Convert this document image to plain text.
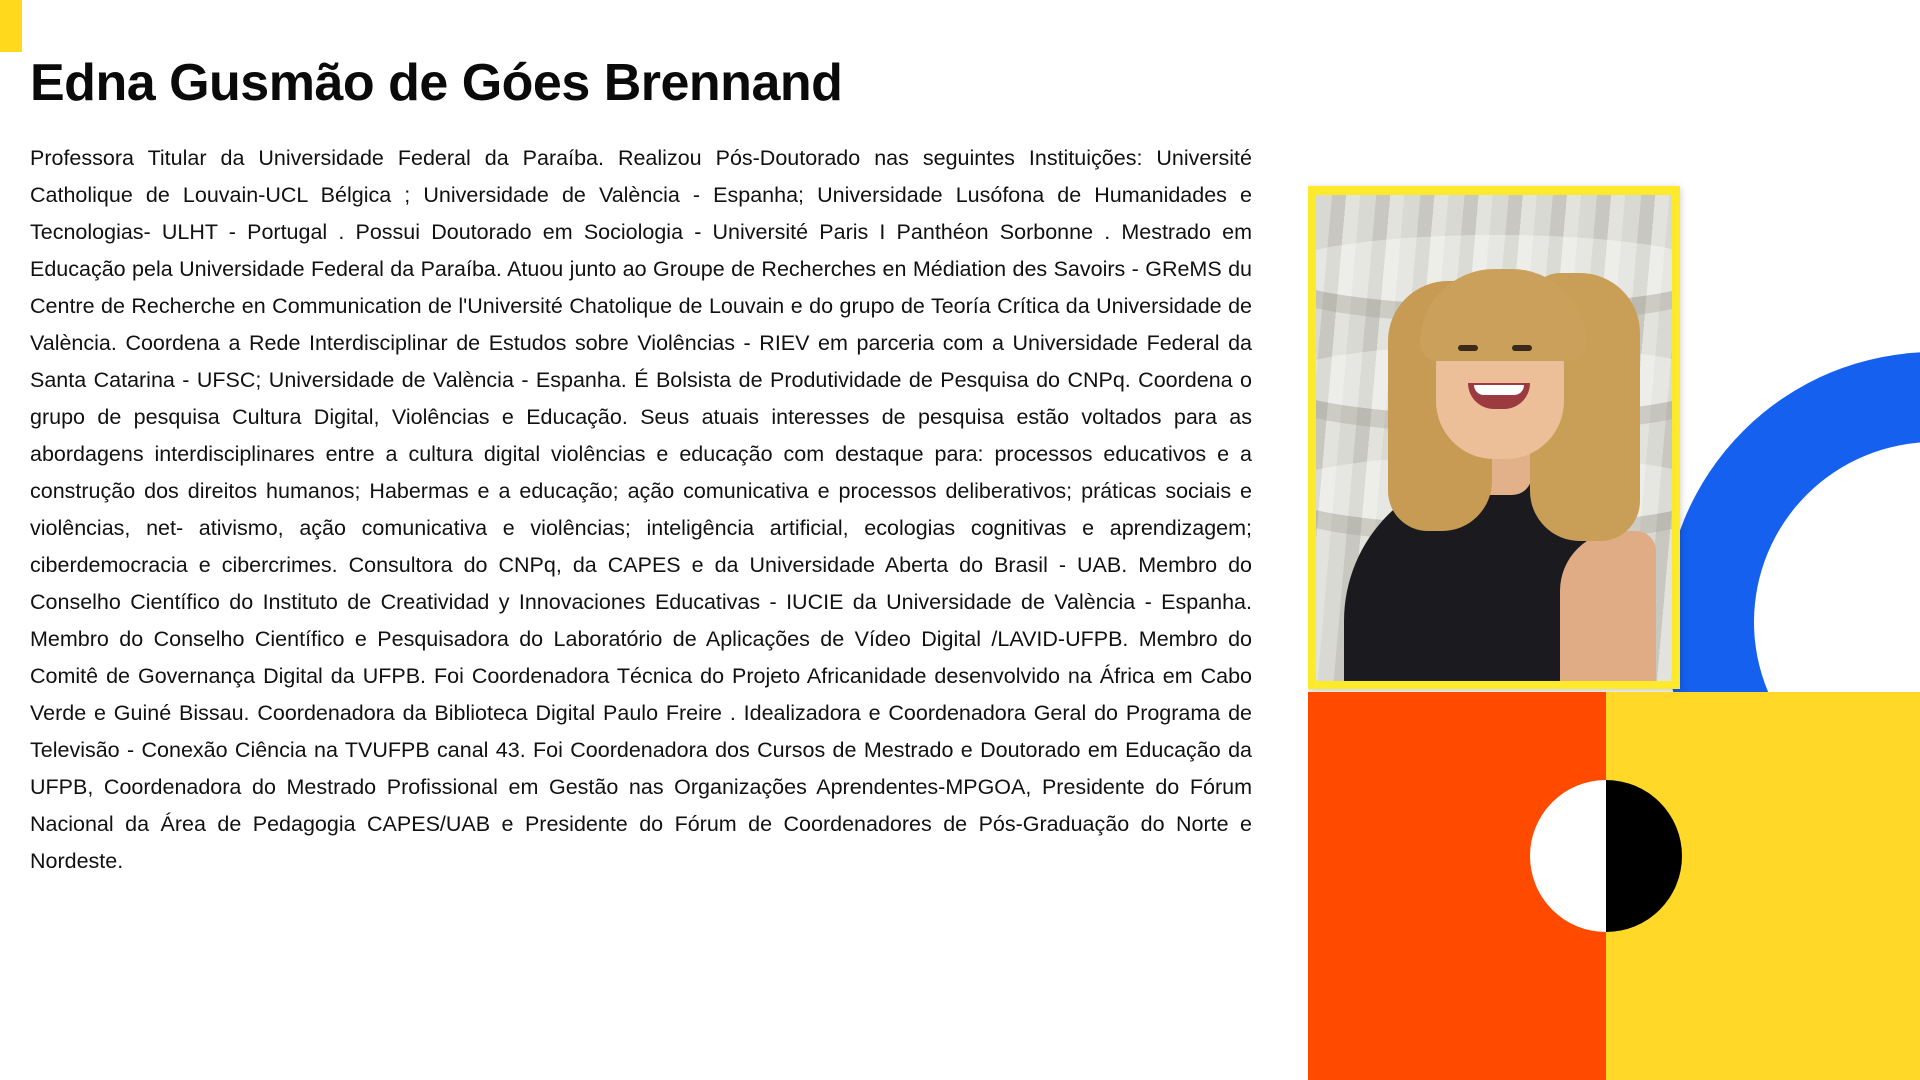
Edna Gusmão de Góes Brennand
Professora Titular da Universidade Federal da Paraíba. Realizou Pós-Doutorado nas seguintes Instituições: Université Catholique de Louvain-UCL Bélgica ; Universidade de València - Espanha; Universidade Lusófona de Humanidades e Tecnologias- ULHT - Portugal . Possui Doutorado em Sociologia - Université Paris I Panthéon Sorbonne . Mestrado em Educação pela Universidade Federal da Paraíba. Atuou junto ao Groupe de Recherches en Médiation des Savoirs - GReMS du Centre de Recherche en Communication de l'Université Chatolique de Louvain e do grupo de Teoría Crítica da Universidade de València. Coordena a Rede Interdisciplinar de Estudos sobre Violências - RIEV em parceria com a Universidade Federal da Santa Catarina - UFSC; Universidade de València - Espanha. É Bolsista de Produtividade de Pesquisa do CNPq. Coordena o grupo de pesquisa Cultura Digital, Violências e Educação. Seus atuais interesses de pesquisa estão voltados para as abordagens interdisciplinares entre a cultura digital violências e educação com destaque para: processos educativos e a construção dos direitos humanos; Habermas e a educação; ação comunicativa e processos deliberativos; práticas sociais e violências, net- ativismo, ação comunicativa e violências; inteligência artificial, ecologias cognitivas e aprendizagem; ciberdemocracia e cibercrimes. Consultora do CNPq, da CAPES e da Universidade Aberta do Brasil - UAB. Membro do Conselho Científico do Instituto de Creatividad y Innovaciones Educativas - IUCIE da Universidade de València - Espanha. Membro do Conselho Científico e Pesquisadora do Laboratório de Aplicações de Vídeo Digital /LAVID-UFPB. Membro do Comitê de Governança Digital da UFPB. Foi Coordenadora Técnica do Projeto Africanidade desenvolvido na África em Cabo Verde e Guiné Bissau. Coordenadora da Biblioteca Digital Paulo Freire . Idealizadora e Coordenadora Geral do Programa de Televisão - Conexão Ciência na TVUFPB canal 43. Foi Coordenadora dos Cursos de Mestrado e Doutorado em Educação da UFPB, Coordenadora do Mestrado Profissional em Gestão nas Organizações Aprendentes-MPGOA, Presidente do Fórum Nacional da Área de Pedagogia CAPES/UAB e Presidente do Fórum de Coordenadores de Pós-Graduação do Norte e Nordeste.
